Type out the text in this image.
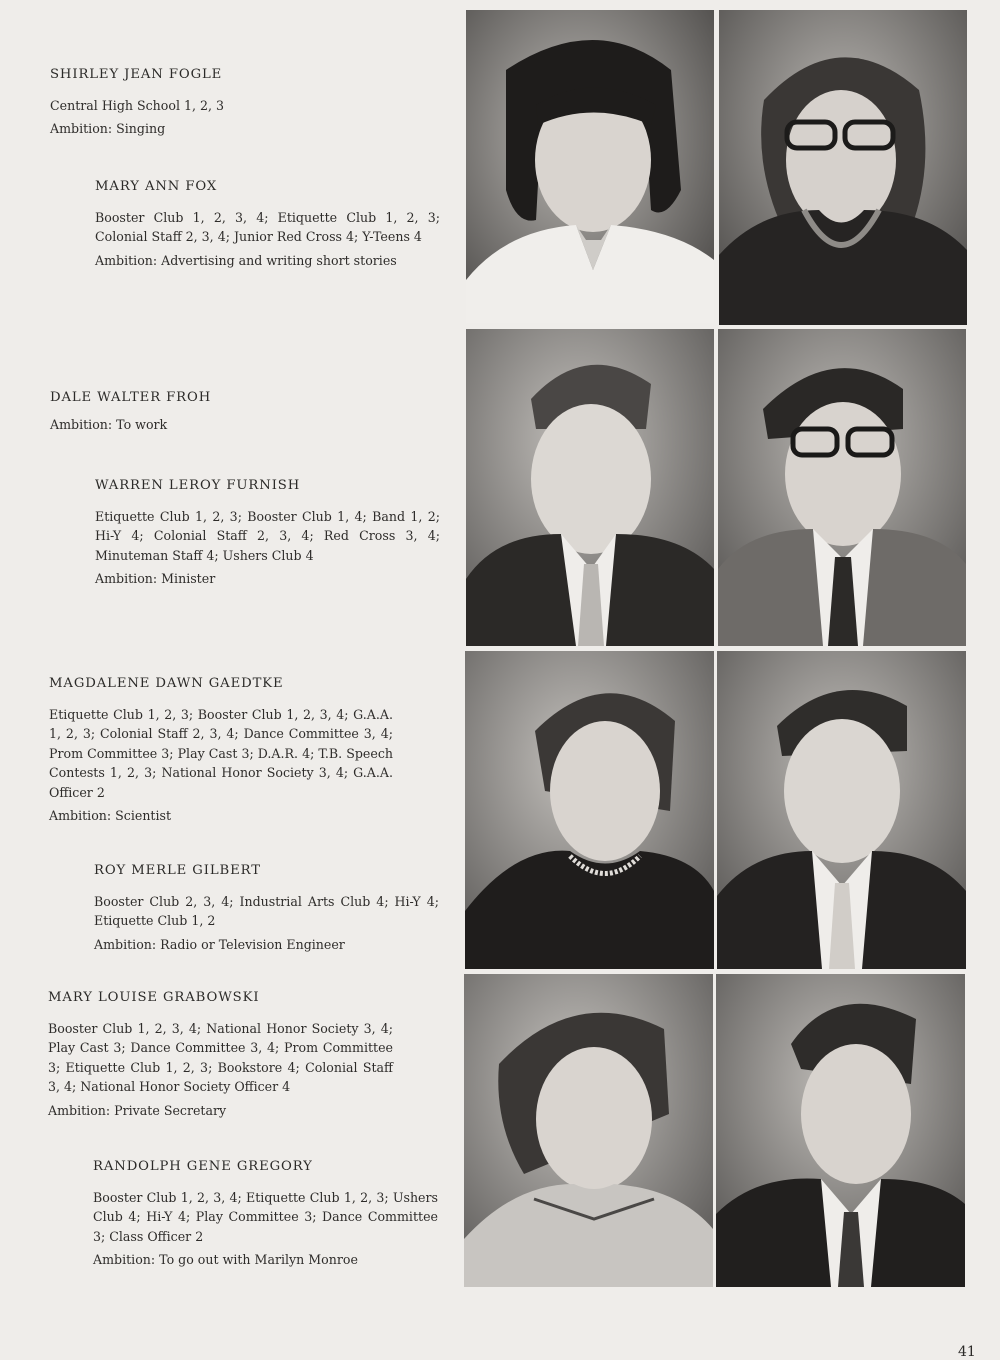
SHIRLEY JEAN FOGLE

Central High School 1, 2, 3

Ambition: Singing

MARY ANN FOX

Booster Club 1, 2, 3, 4; Etiquette Club 1, 2, 3; Colonial Staff 2, 3, 4; Junior Red Cross 4; Y-Teens 4

Ambition: Advertising and writing short stories

DALE WALTER FROH

Ambition: To work

WARREN LEROY FURNISH

Etiquette Club 1, 2, 3; Booster Club 1, 4; Band 1, 2; Hi-Y 4; Colonial Staff 2, 3, 4; Red Cross 3, 4; Minuteman Staff 4; Ushers Club 4

Ambition: Minister

MAGDALENE DAWN GAEDTKE

Etiquette Club 1, 2, 3; Booster Club 1, 2, 3, 4; G.A.A. 1, 2, 3; Colonial Staff 2, 3, 4; Dance Committee 3, 4; Prom Committee 3; Play Cast 3; D.A.R. 4; T.B. Speech Contests 1, 2, 3; National Honor Society 3, 4; G.A.A. Officer 2

Ambition: Scientist

ROY MERLE GILBERT

Booster Club 2, 3, 4; Industrial Arts Club 4; Hi-Y 4; Etiquette Club 1, 2

Ambition: Radio or Television Engineer

MARY LOUISE GRABOWSKI

Booster Club 1, 2, 3, 4; National Honor Society 3, 4; Play Cast 3; Dance Committee 3, 4; Prom Committee 3; Etiquette Club 1, 2, 3; Bookstore 4; Colonial Staff 3, 4; National Honor Society Officer 4

Ambition: Private Secretary

RANDOLPH GENE GREGORY

Booster Club 1, 2, 3, 4; Etiquette Club 1, 2, 3; Ushers Club 4; Hi-Y 4; Play Committee 3; Dance Committee 3; Class Officer 2

Ambition: To go out with Marilyn Monroe

41
